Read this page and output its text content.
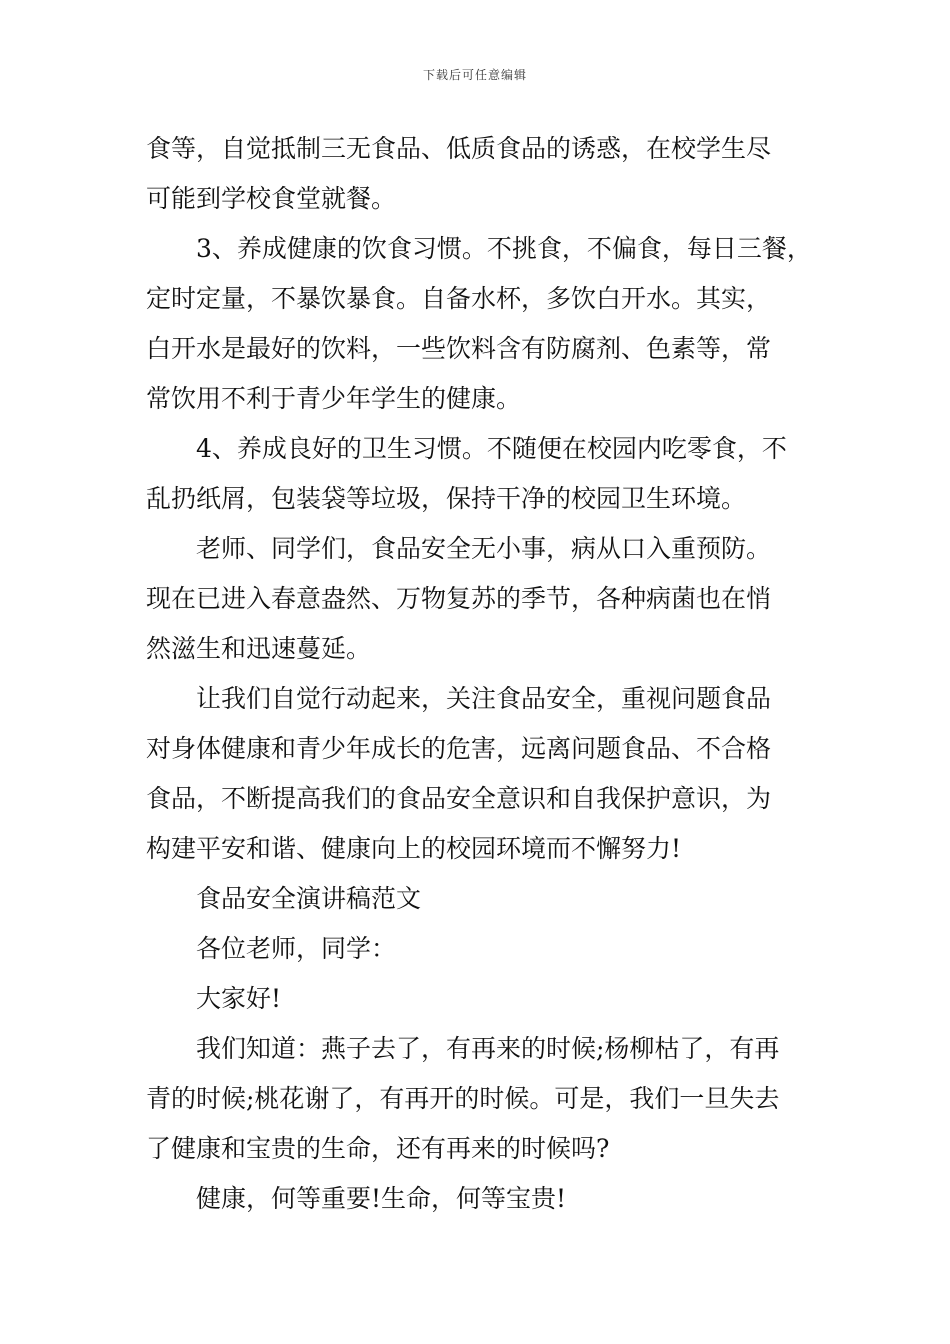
下载后可任意编辑
食等，自觉抵制三无食品、低质食品的诱惑，在校学生尽
可能到学校食堂就餐。
3、养成健康的饮食习惯。不挑食，不偏食，每日三餐，
定时定量，不暴饮暴食。自备水杯，多饮白开水。其实，
白开水是最好的饮料，一些饮料含有防腐剂、色素等，常
常饮用不利于青少年学生的健康。
4、养成良好的卫生习惯。不随便在校园内吃零食，不
乱扔纸屑，包装袋等垃圾，保持干净的校园卫生环境。
老师、同学们，食品安全无小事，病从口入重预防。
现在已进入春意盎然、万物复苏的季节，各种病菌也在悄
然滋生和迅速蔓延。
让我们自觉行动起来，关注食品安全，重视问题食品
对身体健康和青少年成长的危害，远离问题食品、不合格
食品，不断提高我们的食品安全意识和自我保护意识，为
构建平安和谐、健康向上的校园环境而不懈努力!
食品安全演讲稿范文
各位老师，同学：
大家好!
我们知道：燕子去了，有再来的时候;杨柳枯了，有再
青的时候;桃花谢了，有再开的时候。可是，我们一旦失去
了健康和宝贵的生命，还有再来的时候吗?
健康，何等重要!生命，何等宝贵!
